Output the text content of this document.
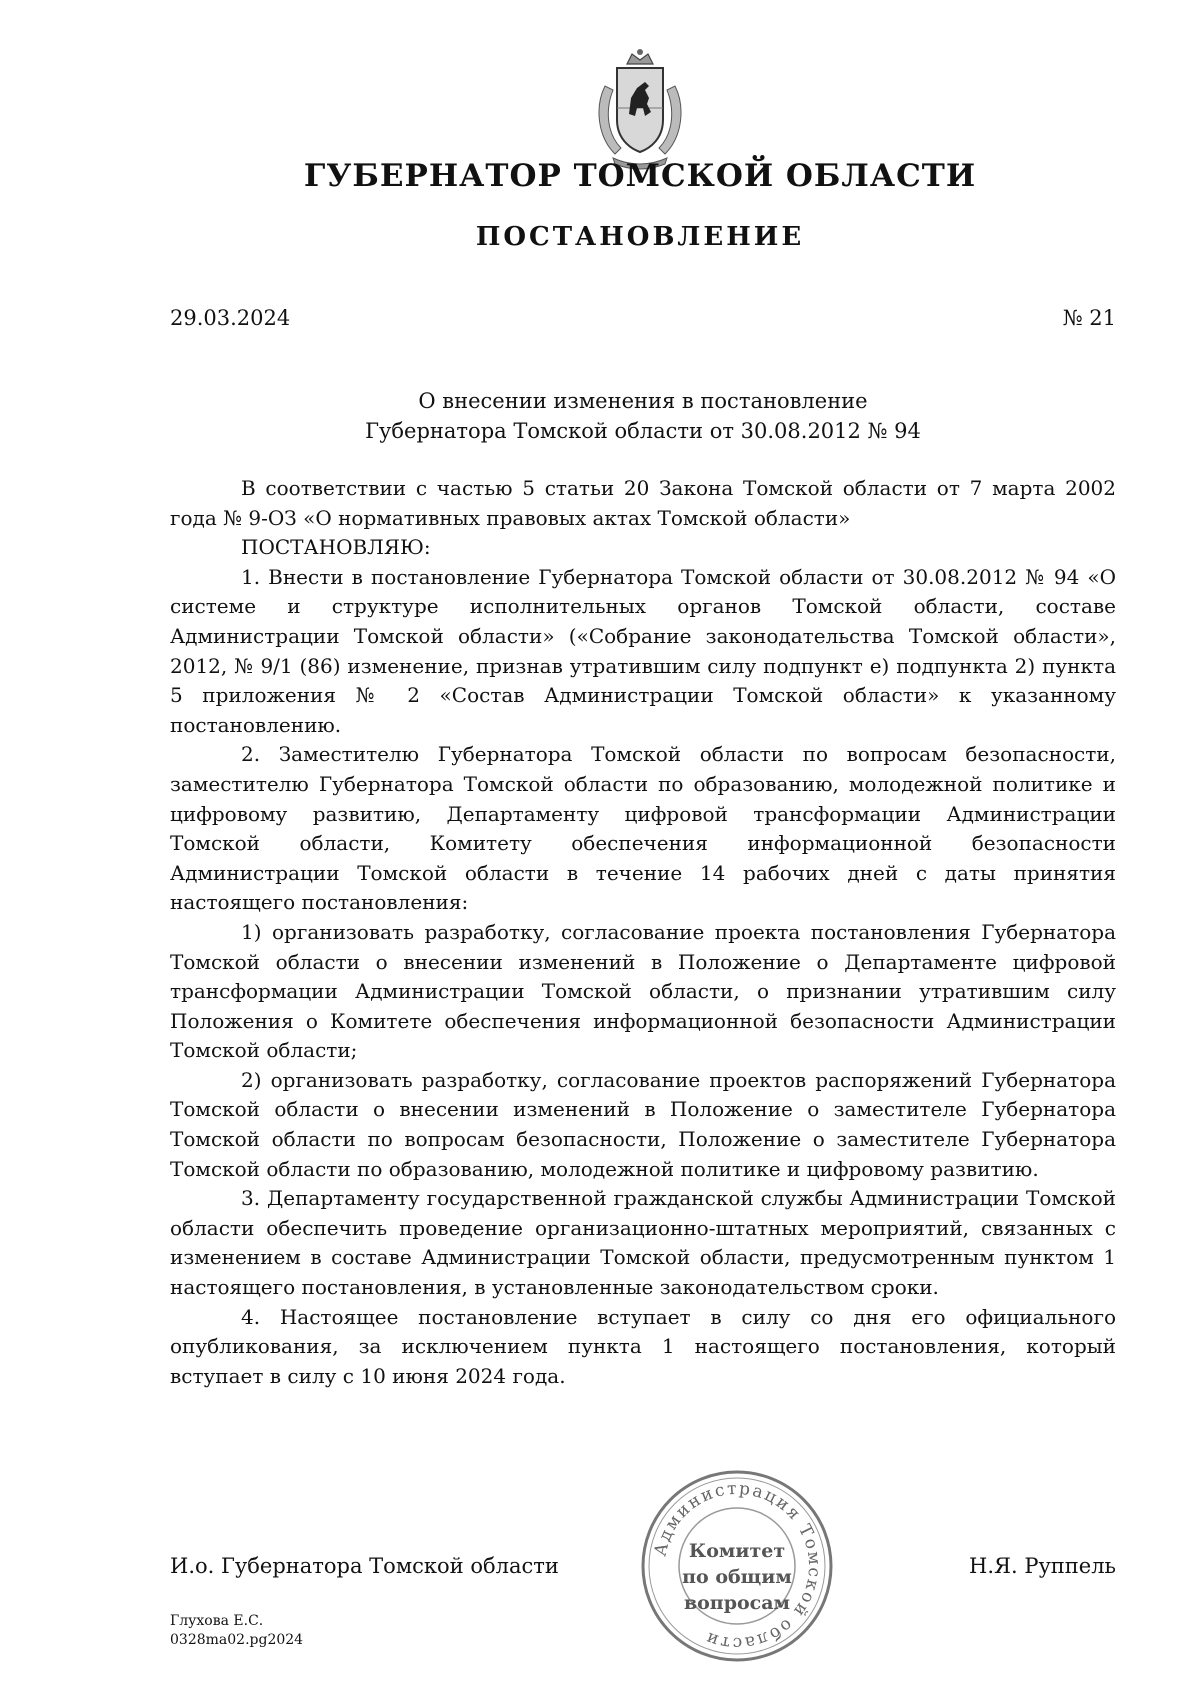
ГУБЕРНАТОР ТОМСКОЙ ОБЛАСТИ
ПОСТАНОВЛЕНИЕ
29.03.2024	№ 21
О внесении изменения в постановление
Губернатора Томской области от 30.08.2012 № 94

В соответствии с частью 5 статьи 20 Закона Томской области от 7 марта 2002 года № 9-ОЗ «О нормативных правовых актах Томской области»

ПОСТАНОВЛЯЮ:

1. Внести в постановление Губернатора Томской области от 30.08.2012 № 94 «О системе и структуре исполнительных органов Томской области, составе Администрации Томской области» («Собрание законодательства Томской области», 2012, № 9/1 (86) изменение, признав утратившим силу подпункт е) подпункта 2) пункта 5 приложения № 2 «Состав Администрации Томской области» к указанному постановлению.

2. Заместителю Губернатора Томской области по вопросам безопасности, заместителю Губернатора Томской области по образованию, молодежной политике и цифровому развитию, Департаменту цифровой трансформации Администрации Томской области, Комитету обеспечения информационной безопасности Администрации Томской области в течение 14 рабочих дней с даты принятия настоящего постановления:

1) организовать разработку, согласование проекта постановления Губернатора Томской области о внесении изменений в Положение о Департаменте цифровой трансформации Администрации Томской области, о признании утратившим силу Положения о Комитете обеспечения информационной безопасности Администрации Томской области;

2) организовать разработку, согласование проектов распоряжений Губернатора Томской области о внесении изменений в Положение о заместителе Губернатора Томской области по вопросам безопасности, Положение о заместителе Губернатора Томской области по образованию, молодежной политике и цифровому развитию.

3. Департаменту государственной гражданской службы Администрации Томской области обеспечить проведение организационно-штатных мероприятий, связанных с изменением в составе Администрации Томской области, предусмотренным пунктом 1 настоящего постановления, в установленные законодательством сроки.

4. Настоящее постановление вступает в силу со дня его официального опубликования, за исключением пункта 1 настоящего постановления, который вступает в силу с 10 июня 2024 года.

Администрация Томской области
Комитет
по общим
вопросам
И.о. Губернатора Томской области	Н.Я. Руппель
Глухова Е.С.
0328ma02.pg2024
